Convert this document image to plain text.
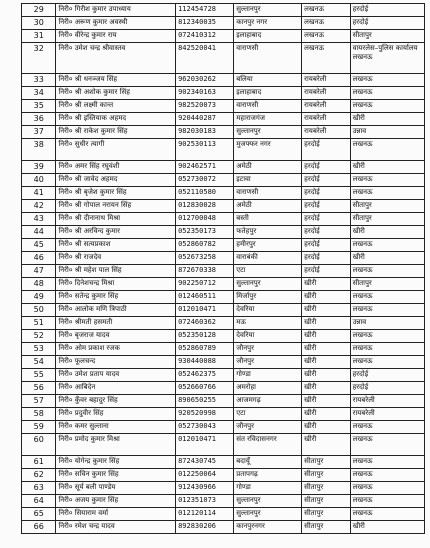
29	निरी० गिरीश कुमार उपाध्याय	112454728	सुल्तानपुर	लखनऊ	हरदोई
30	निरी० अरूण कुमार अवस्थी	812340035	कानपुर नगर	लखनऊ	हरदोई
31	निरी० वीरेन्द्र कुमार राय	072410312	इलाहाबाद	लखनऊ	सीतापुर
32	निरी० उमेश चन्द्र श्रीवास्तव	842520041	वाराणसी	लखनऊ	वायरलेस–पुलिस कार्यालय लखनऊ
33	निरी० श्री धनञ्जय सिंह	962030262	बलिया	रायबरेली	लखनऊ
34	निरी० श्री अशोक कुमार सिंह	902340163	इलाहाबाद	रायबरेली	लखनऊ
35	निरी० श्री लक्ष्मी कान्त	982520073	वाराणसी	रायबरेली	लखनऊ
36	निरी० श्री इस्तियाक अहमद	920440287	महाराजगंज	रायबरेली	खीरी
37	निरी० श्री राकेश कुमार सिंह	982030183	सुल्तानपुर	रायबरेली	उन्नाव
38	निरी० सुधीर त्यागी	902530113	मुजफ्फर नगर	हरदोई	लखनऊ
39	निरी० अमर सिंह रघुवंशी	902462571	अमेठी	हरदोई	खीरी
40	निरी० श्री जावेद अहमद	052730072	इटावा	हरदोई	लखनऊ
41	निरी० श्री बृजेश कुमार सिंह	052110580	वाराणसी	हरदोई	लखनऊ
42	निरी० श्री गोपाल नरायन सिंह	012830028	अमेठी	हरदोई	सीतापुर
43	निरी० श्री दीनानाथ मिश्रा	012700048	बस्ती	हरदोई	सीतापुर
44	निरी० श्री अरविन्द कुमार	052350173	फतेहपुर	हरदोई	खीरी
45	निरी० श्री सत्यप्रकाश	052860782	हमीरपुर	हरदोई	लखनऊ
46	निरी० श्री राजदेव	052673258	वाराबंकी	हरदोई	खीरी
47	निरी० श्री महेश पाल सिंह	872670338	एटा	हरदोई	लखनऊ
48	निरी० दिनेशचन्द्र मिश्रा	902250712	सुल्तानपुर	खीरी	सीतापुर
49	निरी० सतेन्द्र कुमार सिंह	012460511	मिर्जापुर	खीरी	लखनऊ
50	निरी० आलोक मणि त्रिपाठी	012010471	देवरिया	खीरी	लखनऊ
51	निरी० श्रीमती हसमती	072460362	मऊ	खीरी	उन्नाव
52	निरी० बृजराज यादव	052350128	देवरिया	खीरी	लखनऊ
53	निरी० ओम प्रकाश रजक	052860789	जौनपुर	खीरी	लखनऊ
54	निरी० फूलचन्द	930440088	जौनपुर	खीरी	लखनऊ
55	निरी० उमेश प्रताप यादव	052462375	गोण्डा	खीरी	हरदोई
56	निरी० आबिदेन	052660766	अमरोहा	खीरी	हरदोई
57	निरी० कुँवर बहादुर सिंह	890650255	आजमगढ़	खीरी	रायबरेली
58	निरी० प्रदुवीर सिंह	920520998	एटा	खीरी	रायबरेली
59	निरी० कमर सुल्ताना	052730043	जौनपुर	खीरी	लखनऊ
60	निरी० प्रमोद कुमार मिश्रा	012010471	संत रविदासनगर	खीरी	लखनऊ
61	निरी० योगेन्द्र कुमार सिंह	872430745	बदायूँ	सीतापुर	लखनऊ
62	निरी० सचिन कुमार सिंह	012250064	प्रतापगढ़	सीतापुर	लखनऊ
63	निरी० सूर्य बली पाण्डेय	912430966	गोण्डा	सीतापुर	लखनऊ
64	निरी० अजय कुमार सिंह	012351073	सुल्तानपुर	सीतापुर	लखनऊ
65	निरी० सियाराम वर्मा	012120114	सुल्तानपुर	सीतापुर	लखनऊ
66	निरी० रमेश चन्द्र यादव	892830206	कानपुरनगर	सीतापुर	खीरी
